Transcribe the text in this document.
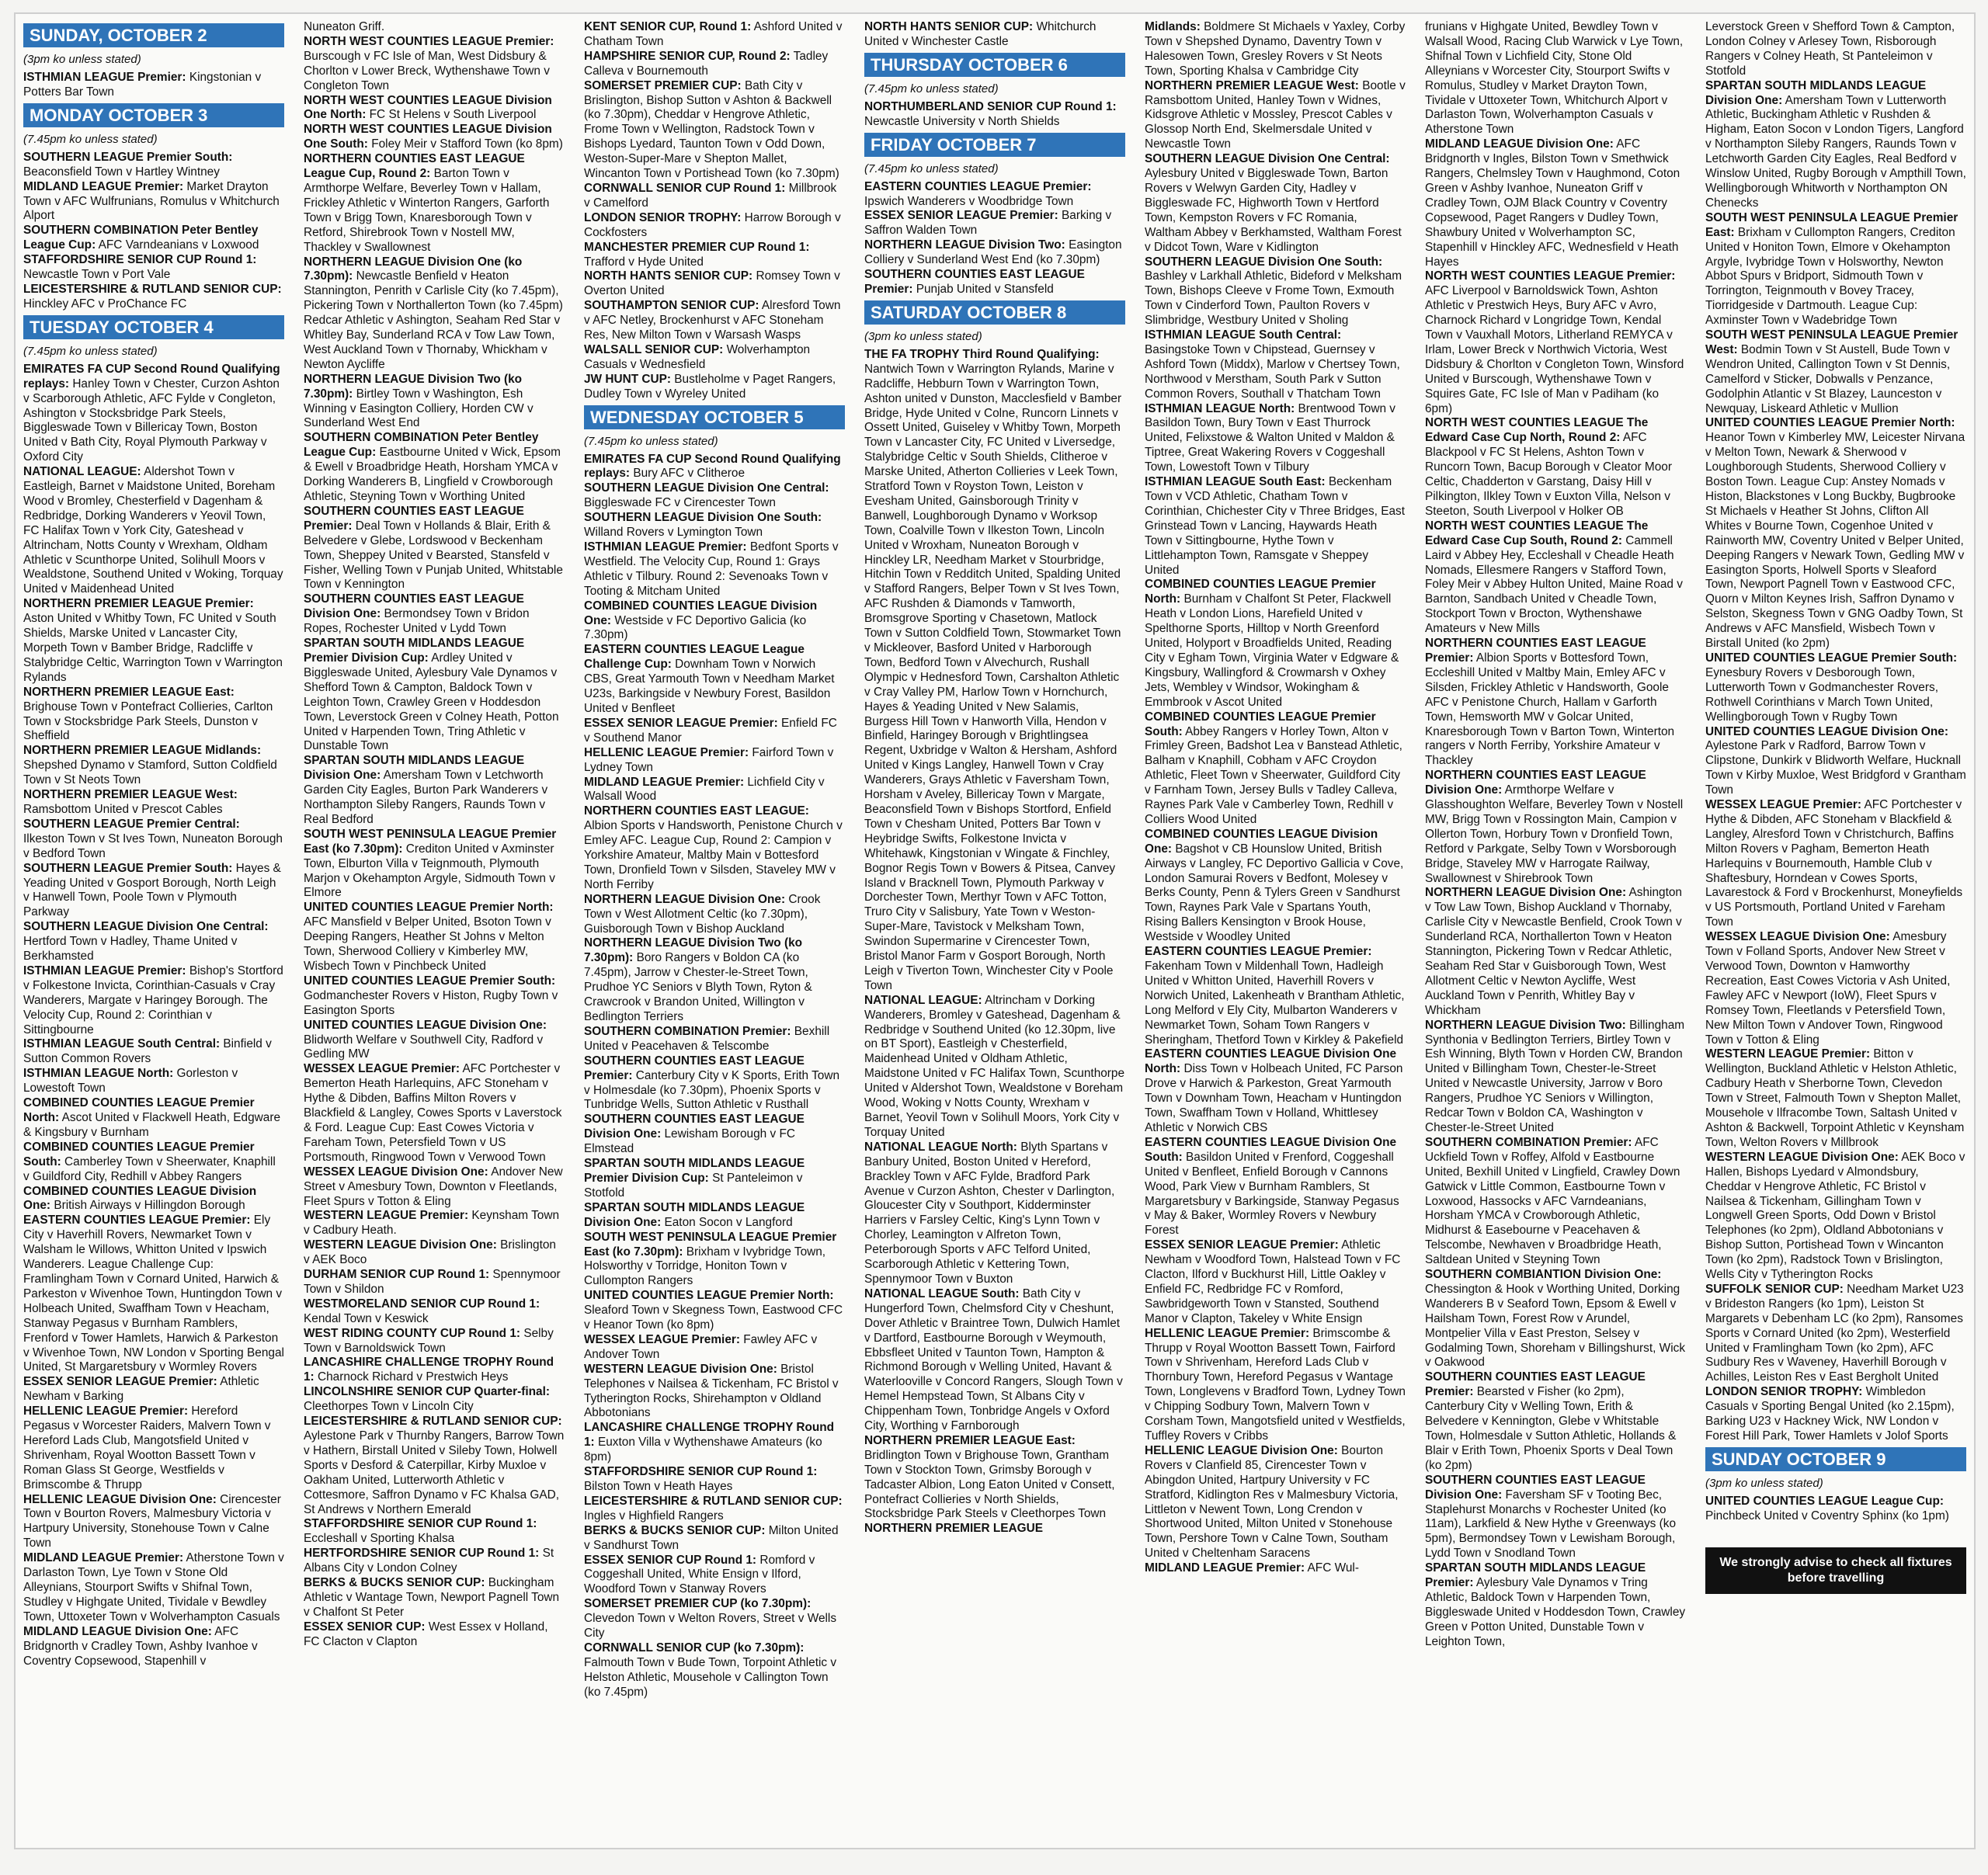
SUNDAY, OCTOBER 2
(3pm ko unless stated)
ISTHMIAN LEAGUE Premier: Kingstonian v Potters Bar Town
MONDAY OCTOBER 3
(7.45pm ko unless stated)
SOUTHERN LEAGUE Premier South: Beaconsfield Town v Hartley Wintney
MIDLAND LEAGUE Premier: Market Drayton Town v AFC Wulfrunians, Romulus v Whitchurch Alport
SOUTHERN COMBINATION Peter Bentley League Cup: AFC Varndeanians v Loxwood
STAFFORDSHIRE SENIOR CUP Round 1: Newcastle Town v Port Vale
LEICESTERSHIRE & RUTLAND SENIOR CUP: Hinckley AFC v ProChance FC
TUESDAY OCTOBER 4
(7.45pm ko unless stated)
EMIRATES FA CUP Second Round Qualifying replays: Hanley Town v Chester, Curzon Ashton v Scarborough Athletic, AFC Fylde v Congleton, Ashington v Stocksbridge Park Steels, Biggleswade Town v Billericay Town, Boston United v Bath City, Royal Plymouth Parkway v Oxford City
NATIONAL LEAGUE: Aldershot Town v Eastleigh, Barnet v Maidstone United, Boreham Wood v Bromley, Chesterfield v Dagenham & Redbridge, Dorking Wanderers v Yeovil Town, FC Halifax Town v York City, Gateshead v Altrincham, Notts County v Wrexham, Oldham Athletic v Scunthorpe United, Solihull Moors v Wealdstone, Southend United v Woking, Torquay United v Maidenhead United
NORTHERN PREMIER LEAGUE Premier: Aston United v Whitby Town, FC United v South Shields, Marske United v Lancaster City, Morpeth Town v Bamber Bridge, Radcliffe v Stalybridge Celtic, Warrington Town v Warrington Rylands
NORTHERN PREMIER LEAGUE East: Brighouse Town v Pontefract Collieries, Carlton Town v Stocksbridge Park Steels, Dunston v Sheffield
NORTHERN PREMIER LEAGUE Midlands: Shepshed Dynamo v Stamford, Sutton Coldfield Town v St Neots Town
NORTHERN PREMIER LEAGUE West: Ramsbottom United v Prescot Cables
SOUTHERN LEAGUE Premier Central: Ilkeston Town v St Ives Town, Nuneaton Borough v Bedford Town
SOUTHERN LEAGUE Premier South: Hayes & Yeading United v Gosport Borough, North Leigh v Hanwell Town, Poole Town v Plymouth Parkway
SOUTHERN LEAGUE Division One Central: Hertford Town v Hadley, Thame United v Berkhamsted
ISTHMIAN LEAGUE Premier: Bishop's Stortford v Folkestone Invicta, Corinthian-Casuals v Cray Wanderers, Margate v Haringey Borough. The Velocity Cup, Round 2: Corinthian v Sittingbourne
ISTHMIAN LEAGUE South Central: Binfield v Sutton Common Rovers
ISTHMIAN LEAGUE North: Gorleston v Lowestoft Town
COMBINED COUNTIES LEAGUE Premier North: Ascot United v Flackwell Heath, Edgware & Kingsbury v Burnham
COMBINED COUNTIES LEAGUE Premier South: Camberley Town v Sheerwater, Knaphill v Guildford City, Redhill v Abbey Rangers
COMBINED COUNTIES LEAGUE Division One: British Airways v Hillingdon Borough
EASTERN COUNTIES LEAGUE Premier: Ely City v Haverhill Rovers, Newmarket Town v Walsham le Willows, Whitton United v Ipswich Wanderers. League Challenge Cup: Framlingham Town v Cornard United, Harwich & Parkeston v Wivenhoe Town, Huntingdon Town v Holbeach United, Swaffham Town v Heacham, Stanway Pegasus v Burnham Ramblers, Frenford v Tower Hamlets, Harwich & Parkeston v Wivenhoe Town, NW London v Sporting Bengal United, St Margaretsbury v Wormley Rovers
ESSEX SENIOR LEAGUE Premier: Athletic Newham v Barking
HELLENIC LEAGUE Premier: Hereford Pegasus v Worcester Raiders, Malvern Town v Hereford Lads Club, Mangotsfield United v Shrivenham, Royal Wootton Bassett Town v Roman Glass St George, Westfields v Brimscombe & Thrupp
HELLENIC LEAGUE Division One: Cirencester Town v Bourton Rovers, Malmesbury Victoria v Hartpury University, Stonehouse Town v Calne Town
MIDLAND LEAGUE Premier: Atherstone Town v Darlaston Town, Lye Town v Stone Old Alleynians, Stourport Swifts v Shifnal Town, Studley v Highgate United, Tividale v Bewdley Town, Uttoxeter Town v Wolverhampton Casuals
MIDLAND LEAGUE Division One: AFC Bridgnorth v Cradley Town, Ashby Ivanhoe v Coventry Copsewood, Stapenhill v
Nuneaton Griff.
NORTH WEST COUNTIES LEAGUE Premier: Burscough v FC Isle of Man, West Didsbury & Chorlton v Lower Breck, Wythenshawe Town v Congleton Town
NORTH WEST COUNTIES LEAGUE Division One North: FC St Helens v South Liverpool
NORTH WEST COUNTIES LEAGUE Division One South: Foley Meir v Stafford Town (ko 8pm)
NORTHERN COUNTIES EAST LEAGUE League Cup, Round 2: Barton Town v Armthorpe Welfare, Beverley Town v Hallam, Frickley Athletic v Winterton Rangers, Garforth Town v Brigg Town, Knaresborough Town v Retford, Shirebrook Town v Nostell MW, Thackley v Swallownest
NORTHERN LEAGUE Division One (ko 7.30pm): Newcastle Benfield v Heaton Stannington, Penrith v Carlisle City (ko 7.45pm), Pickering Town v Northallerton Town (ko 7.45pm) Redcar Athletic v Ashington, Seaham Red Star v Whitley Bay, Sunderland RCA v Tow Law Town, West Auckland Town v Thornaby, Whickham v Newton Aycliffe
NORTHERN LEAGUE Division Two (ko 7.30pm): Birtley Town v Washington, Esh Winning v Easington Colliery, Horden CW v Sunderland West End
SOUTHERN COMBINATION Peter Bentley League Cup: Eastbourne United v Wick, Epsom & Ewell v Broadbridge Heath, Horsham YMCA v Dorking Wanderers B, Lingfield v Crowborough Athletic, Steyning Town v Worthing United
SOUTHERN COUNTIES EAST LEAGUE Premier: Deal Town v Hollands & Blair, Erith & Belvedere v Glebe, Lordswood v Beckenham Town, Sheppey United v Bearsted, Stansfeld v Fisher, Welling Town v Punjab United, Whitstable Town v Kennington
SOUTHERN COUNTIES EAST LEAGUE Division One: Bermondsey Town v Bridon Ropes, Rochester United v Lydd Town
SPARTAN SOUTH MIDLANDS LEAGUE Premier Division Cup: Ardley United v Biggleswade United, Aylesbury Vale Dynamos v Shefford Town & Campton, Baldock Town v Leighton Town, Crawley Green v Hoddesdon Town, Leverstock Green v Colney Heath, Potton United v Harpenden Town, Tring Athletic v Dunstable Town
SPARTAN SOUTH MIDLANDS LEAGUE Division One: Amersham Town v Letchworth Garden City Eagles, Burton Park Wanderers v Northampton Sileby Rangers, Raunds Town v Real Bedford
SOUTH WEST PENINSULA LEAGUE Premier East (ko 7.30pm): Crediton United v Axminster Town, Elburton Villa v Teignmouth, Plymouth Marjon v Okehampton Argyle, Sidmouth Town v Elmore
UNITED COUNTIES LEAGUE Premier North: AFC Mansfield v Belper United, Bsoton Town v Deeping Rangers, Heather St Johns v Melton Town, Sherwood Colliery v Kimberley MW, Wisbech Town v Pinchbeck United
UNITED COUNTIES LEAGUE Premier South: Godmanchester Rovers v Histon, Rugby Town v Easington Sports
UNITED COUNTIES LEAGUE Division One: Blidworth Welfare v Southwell City, Radford v Gedling MW
WESSEX LEAGUE Premier: AFC Portchester v Bemerton Heath Harlequins, AFC Stoneham v Hythe & Dibden, Baffins Milton Rovers v Blackfield & Langley, Cowes Sports v Laverstock & Ford. League Cup: East Cowes Victoria v Fareham Town, Petersfield Town v US Portsmouth, Ringwood Town v Verwood Town
WESSEX LEAGUE Division One: Andover New Street v Amesbury Town, Downton v Fleetlands, Fleet Spurs v Totton & Eling
WESTERN LEAGUE Premier: Keynsham Town v Cadbury Heath.
WESTERN LEAGUE Division One: Brislington v AEK Boco
DURHAM SENIOR CUP Round 1: Spennymoor Town v Shildon
WESTMORELAND SENIOR CUP Round 1: Kendal Town v Keswick
WEST RIDING COUNTY CUP Round 1: Selby Town v Barnoldswick Town
LANCASHIRE CHALLENGE TROPHY Round 1: Charnock Richard v Prestwich Heys
LINCOLNSHIRE SENIOR CUP Quarter-final: Cleethorpes Town v Lincoln City
LEICESTERSHIRE & RUTLAND SENIOR CUP: Aylestone Park v Thurnby Rangers, Barrow Town v Hathern, Birstall United v Sileby Town, Holwell Sports v Desford & Caterpillar, Kirby Muxloe v Oakham United, Lutterworth Athletic v Cottesmore, Saffron Dynamo v FC Khalsa GAD, St Andrews v Northern Emerald
STAFFORDSHIRE SENIOR CUP Round 1: Eccleshall v Sporting Khalsa
HERTFORDSHIRE SENIOR CUP Round 1: St Albans City v London Colney
BERKS & BUCKS SENIOR CUP: Buckingham Athletic v Wantage Town, Newport Pagnell Town v Chalfont St Peter
ESSEX SENIOR CUP: West Essex v Holland, FC Clacton v Clapton
KENT SENIOR CUP, Round 1: Ashford United v Chatham Town
HAMPSHIRE SENIOR CUP, Round 2: Tadley Calleva v Bournemouth
SOMERSET PREMIER CUP: Bath City v Brislington, Bishop Sutton v Ashton & Backwell (ko 7.30pm), Cheddar v Hengrove Athletic, Frome Town v Wellington, Radstock Town v Bishops Lyedard, Taunton Town v Odd Down, Weston-Super-Mare v Shepton Mallet, Wincanton Town v Portishead Town (ko 7.30pm)
CORNWALL SENIOR CUP Round 1: Millbrook v Camelford
LONDON SENIOR TROPHY: Harrow Borough v Cockfosters
MANCHESTER PREMIER CUP Round 1: Trafford v Hyde United
NORTH HANTS SENIOR CUP: Romsey Town v Overton United
SOUTHAMPTON SENIOR CUP: Alresford Town v AFC Netley, Brockenhurst v AFC Stoneham Res, New Milton Town v Warsash Wasps
WALSALL SENIOR CUP: Wolverhampton Casuals v Wednesfield
JW HUNT CUP: Bustleholme v Paget Rangers, Dudley Town v Wyreley United
WEDNESDAY OCTOBER 5
(7.45pm ko unless stated)
EMIRATES FA CUP Second Round Qualifying replays: Bury AFC v Clitheroe
SOUTHERN LEAGUE Division One Central: Biggleswade FC v Cirencester Town
SOUTHERN LEAGUE Division One South: Willand Rovers v Lymington Town
ISTHMIAN LEAGUE Premier: Bedfont Sports v Westfield. The Velocity Cup, Round 1: Grays Athletic v Tilbury. Round 2: Sevenoaks Town v Tooting & Mitcham United
COMBINED COUNTIES LEAGUE Division One: Westside v FC Deportivo Galicia (ko 7.30pm)
EASTERN COUNTIES LEAGUE League Challenge Cup: Downham Town v Norwich CBS, Great Yarmouth Town v Needham Market U23s, Barkingside v Newbury Forest, Basildon United v Benfleet
ESSEX SENIOR LEAGUE Premier: Enfield FC v Southend Manor
HELLENIC LEAGUE Premier: Fairford Town v Lydney Town
MIDLAND LEAGUE Premier: Lichfield City v Walsall Wood
NORTHERN COUNTIES EAST LEAGUE: Albion Sports v Handsworth, Penistone Church v Emley AFC. League Cup, Round 2: Campion v Yorkshire Amateur, Maltby Main v Bottesford Town, Dronfield Town v Silsden, Staveley MW v North Ferriby
NORTHERN LEAGUE Division One: Crook Town v West Allotment Celtic (ko 7.30pm), Guisborough Town v Bishop Auckland
NORTHERN LEAGUE Division Two (ko 7.30pm): Boro Rangers v Boldon CA (ko 7.45pm), Jarrow v Chester-le-Street Town, Prudhoe YC Seniors v Blyth Town, Ryton & Crawcrook v Brandon United, Willington v Bedlington Terriers
SOUTHERN COMBINATION Premier: Bexhill United v Peacehaven & Telscombe
SOUTHERN COUNTIES EAST LEAGUE Premier: Canterbury City v K Sports, Erith Town v Holmesdale (ko 7.30pm), Phoenix Sports v Tunbridge Wells, Sutton Athletic v Rusthall
SOUTHERN COUNTIES EAST LEAGUE Division One: Lewisham Borough v FC Elmstead
SPARTAN SOUTH MIDLANDS LEAGUE Premier Division Cup: St Panteleimon v Stotfold
SPARTAN SOUTH MIDLANDS LEAGUE Division One: Eaton Socon v Langford
SOUTH WEST PENINSULA LEAGUE Premier East (ko 7.30pm): Brixham v Ivybridge Town, Holsworthy v Torridge, Honiton Town v Cullompton Rangers
UNITED COUNTIES LEAGUE Premier North: Sleaford Town v Skegness Town, Eastwood CFC v Heanor Town (ko 8pm)
WESSEX LEAGUE Premier: Fawley AFC v Andover Town
WESTERN LEAGUE Division One: Bristol Telephones v Nailsea & Tickenham, FC Bristol v Tytherington Rocks, Shirehampton v Oldland Abbotonians
LANCASHIRE CHALLENGE TROPHY Round 1: Euxton Villa v Wythenshawe Amateurs (ko 8pm)
STAFFORDSHIRE SENIOR CUP Round 1: Bilston Town v Heath Hayes
LEICESTERSHIRE & RUTLAND SENIOR CUP: Ingles v Highfield Rangers
BERKS & BUCKS SENIOR CUP: Milton United v Sandhurst Town
ESSEX SENIOR CUP Round 1: Romford v Coggeshall United, White Ensign v Ilford, Woodford Town v Stanway Rovers
SOMERSET PREMIER CUP (ko 7.30pm): Clevedon Town v Welton Rovers, Street v Wells City
CORNWALL SENIOR CUP (ko 7.30pm): Falmouth Town v Bude Town, Torpoint Athletic v Helston Athletic, Mousehole v Callington Town (ko 7.45pm)
NORTH HANTS SENIOR CUP: Whitchurch United v Winchester Castle
THURSDAY OCTOBER 6
(7.45pm ko unless stated)
NORTHUMBERLAND SENIOR CUP Round 1: Newcastle University v North Shields
FRIDAY OCTOBER 7
(7.45pm ko unless stated)
EASTERN COUNTIES LEAGUE Premier: Ipswich Wanderers v Woodbridge Town
ESSEX SENIOR LEAGUE Premier: Barking v Saffron Walden Town
NORTHERN LEAGUE Division Two: Easington Colliery v Sunderland West End (ko 7.30pm)
SOUTHERN COUNTIES EAST LEAGUE Premier: Punjab United v Stansfeld
SATURDAY OCTOBER 8
(3pm ko unless stated)
THE FA TROPHY Third Round Qualifying: Nantwich Town v Warrington Rylands, Marine v Radcliffe, Hebburn Town v Warrington Town, Ashton united v Dunston, Macclesfield v Bamber Bridge, Hyde United v Colne, Runcorn Linnets v Ossett United, Guiseley v Whitby Town, Morpeth Town v Lancaster City, FC United v Liversedge, Stalybridge Celtic v South Shields, Clitheroe v Marske United, Atherton Collieries v Leek Town, Stratford Town v Royston Town, Leiston v Evesham United, Gainsborough Trinity v Banwell, Loughborough Dynamo v Worksop Town, Coalville Town v Ilkeston Town, Lincoln United v Wroxham, Nuneaton Borough v Hinckley LR, Needham Market v Stourbridge, Hitchin Town v Redditch United, Spalding United v Stafford Rangers, Belper Town v St Ives Town, AFC Rushden & Diamonds v Tamworth, Bromsgrove Sporting v Chasetown, Matlock Town v Sutton Coldfield Town, Stowmarket Town v Mickleover, Basford United v Harborough Town, Bedford Town v Alvechurch, Rushall Olympic v Hednesford Town, Carshalton Athletic v Cray Valley PM, Harlow Town v Hornchurch, Hayes & Yeading United v New Salamis, Burgess Hill Town v Hanworth Villa, Hendon v Binfield, Haringey Borough v Brightlingsea Regent, Uxbridge v Walton & Hersham, Ashford United v Kings Langley, Hanwell Town v Cray Wanderers, Grays Athletic v Faversham Town, Horsham v Aveley, Billericay Town v Margate, Beaconsfield Town v Bishops Stortford, Enfield Town v Chesham United, Potters Bar Town v Heybridge Swifts, Folkestone Invicta v Whitehawk, Kingstonian v Wingate & Finchley, Bognor Regis Town v Bowers & Pitsea, Canvey Island v Bracknell Town, Plymouth Parkway v Dorchester Town, Merthyr Town v AFC Totton, Truro City v Salisbury, Yate Town v Weston-Super-Mare, Tavistock v Melksham Town, Swindon Supermarine v Cirencester Town, Bristol Manor Farm v Gosport Borough, North Leigh v Tiverton Town, Winchester City v Poole Town
NATIONAL LEAGUE: Altrincham v Dorking Wanderers, Bromley v Gateshead, Dagenham & Redbridge v Southend United (ko 12.30pm, live on BT Sport), Eastleigh v Chesterfield, Maidenhead United v Oldham Athletic, Maidstone United v FC Halifax Town, Scunthorpe United v Aldershot Town, Wealdstone v Boreham Wood, Woking v Notts County, Wrexham v Barnet, Yeovil Town v Solihull Moors, York City v Torquay United
NATIONAL LEAGUE North: Blyth Spartans v Banbury United, Boston United v Hereford, Brackley Town v AFC Fylde, Bradford Park Avenue v Curzon Ashton, Chester v Darlington, Gloucester City v Southport, Kidderminster Harriers v Farsley Celtic, King's Lynn Town v Chorley, Leamington v Alfreton Town, Peterborough Sports v AFC Telford United, Scarborough Athletic v Kettering Town, Spennymoor Town v Buxton
NATIONAL LEAGUE South: Bath City v Hungerford Town, Chelmsford City v Cheshunt, Dover Athletic v Braintree Town, Dulwich Hamlet v Dartford, Eastbourne Borough v Weymouth, Ebbsfleet United v Taunton Town, Hampton & Richmond Borough v Welling United, Havant & Waterlooville v Concord Rangers, Slough Town v Hemel Hempstead Town, St Albans City v Chippenham Town, Tonbridge Angels v Oxford City, Worthing v Farnborough
NORTHERN PREMIER LEAGUE East: Bridlington Town v Brighouse Town, Grantham Town v Stockton Town, Grimsby Borough v Tadcaster Albion, Long Eaton United v Consett, Pontefract Collieries v North Shields, Stocksbridge Park Steels v Cleethorpes Town
NORTHERN PREMIER LEAGUE
Midlands: Boldmere St Michaels v Yaxley, Corby Town v Shepshed Dynamo, Daventry Town v Halesowen Town, Gresley Rovers v St Neots Town, Sporting Khalsa v Cambridge City
NORTHERN PREMIER LEAGUE West: Bootle v Ramsbottom United, Hanley Town v Widnes, Kidsgrove Athletic v Mossley, Prescot Cables v Glossop North End, Skelmersdale United v Newcastle Town
SOUTHERN LEAGUE Division One Central: Aylesbury United v Biggleswade Town, Barton Rovers v Welwyn Garden City, Hadley v Biggleswade FC, Highworth Town v Hertford Town, Kempston Rovers v FC Romania, Waltham Abbey v Berkhamsted, Waltham Forest v Didcot Town, Ware v Kidlington
SOUTHERN LEAGUE Division One South: Bashley v Larkhall Athletic, Bideford v Melksham Town, Bishops Cleeve v Frome Town, Exmouth Town v Cinderford Town, Paulton Rovers v Slimbridge, Westbury United v Sholing
ISTHMIAN LEAGUE South Central: Basingstoke Town v Chipstead, Guernsey v Ashford Town (Middx), Marlow v Chertsey Town, Northwood v Merstham, South Park v Sutton Common Rovers, Southall v Thatcham Town
ISTHMIAN LEAGUE North: Brentwood Town v Basildon Town, Bury Town v East Thurrock United, Felixstowe & Walton United v Maldon & Tiptree, Great Wakering Rovers v Coggeshall Town, Lowestoft Town v Tilbury
ISTHMIAN LEAGUE South East: Beckenham Town v VCD Athletic, Chatham Town v Corinthian, Chichester City v Three Bridges, East Grinstead Town v Lancing, Haywards Heath Town v Sittingbourne, Hythe Town v Littlehampton Town, Ramsgate v Sheppey United
COMBINED COUNTIES LEAGUE Premier North: Burnham v Chalfont St Peter, Flackwell Heath v London Lions, Harefield United v Spelthorne Sports, Hilltop v North Greenford United, Holyport v Broadfields United, Reading City v Egham Town, Virginia Water v Edgware & Kingsbury, Wallingford & Crowmarsh v Oxhey Jets, Wembley v Windsor, Wokingham & Emmbrook v Ascot United
COMBINED COUNTIES LEAGUE Premier South: Abbey Rangers v Horley Town, Alton v Frimley Green, Badshot Lea v Banstead Athletic, Balham v Knaphill, Cobham v AFC Croydon Athletic, Fleet Town v Sheerwater, Guildford City v Farnham Town, Jersey Bulls v Tadley Calleva, Raynes Park Vale v Camberley Town, Redhill v Colliers Wood United
COMBINED COUNTIES LEAGUE Division One: Bagshot v CB Hounslow United, British Airways v Langley, FC Deportivo Gallicia v Cove, London Samurai Rovers v Bedfont, Molesey v Berks County, Penn & Tylers Green v Sandhurst Town, Raynes Park Vale v Spartans Youth, Rising Ballers Kensington v Brook House, Westside v Woodley United
EASTERN COUNTIES LEAGUE Premier: Fakenham Town v Mildenhall Town, Hadleigh United v Whitton United, Haverhill Rovers v Norwich United, Lakenheath v Brantham Athletic, Long Melford v Ely City, Mulbarton Wanderers v Newmarket Town, Soham Town Rangers v Sheringham, Thetford Town v Kirkley & Pakefield
EASTERN COUNTIES LEAGUE Division One North: Diss Town v Holbeach United, FC Parson Drove v Harwich & Parkeston, Great Yarmouth Town v Downham Town, Heacham v Huntingdon Town, Swaffham Town v Holland, Whittlesey Athletic v Norwich CBS
EASTERN COUNTIES LEAGUE Division One South: Basildon United v Frenford, Coggeshall United v Benfleet, Enfield Borough v Cannons Wood, Park View v Burnham Ramblers, St Margaretsbury v Barkingside, Stanway Pegasus v May & Baker, Wormley Rovers v Newbury Forest
ESSEX SENIOR LEAGUE Premier: Athletic Newham v Woodford Town, Halstead Town v FC Clacton, Ilford v Buckhurst Hill, Little Oakley v Enfield FC, Redbridge FC v Romford, Sawbridgeworth Town v Stansted, Southend Manor v Clapton, Takeley v White Ensign
HELLENIC LEAGUE Premier: Brimscombe & Thrupp v Royal Wootton Bassett Town, Fairford Town v Shrivenham, Hereford Lads Club v Thornbury Town, Hereford Pegasus v Wantage Town, Longlevens v Bradford Town, Lydney Town v Chipping Sodbury Town, Malvern Town v Corsham Town, Mangotsfield united v Westfields, Tuffley Rovers v Cribbs
HELLENIC LEAGUE Division One: Bourton Rovers v Clanfield 85, Cirencester Town v Abingdon United, Hartpury University v FC Stratford, Kidlington Res v Malmesbury Victoria, Littleton v Newent Town, Long Crendon v Shortwood United, Milton United v Stonehouse Town, Pershore Town v Calne Town, Southam United v Cheltenham Saracens
MIDLAND LEAGUE Premier: AFC Wul-
frunians v Highgate United, Bewdley Town v Walsall Wood, Racing Club Warwick v Lye Town, Shifnal Town v Lichfield City, Stone Old Alleynians v Worcester City, Stourport Swifts v Romulus, Studley v Market Drayton Town, Tividale v Uttoxeter Town, Whitchurch Alport v Darlaston Town, Wolverhampton Casuals v Atherstone Town
MIDLAND LEAGUE Division One: AFC Bridgnorth v Ingles, Bilston Town v Smethwick Rangers, Chelmsley Town v Haughmond, Coton Green v Ashby Ivanhoe, Nuneaton Griff v Cradley Town, OJM Black Country v Coventry Copsewood, Paget Rangers v Dudley Town, Shawbury United v Wolverhampton SC, Stapenhill v Hinckley AFC, Wednesfield v Heath Hayes
NORTH WEST COUNTIES LEAGUE Premier: AFC Liverpool v Barnoldswick Town, Ashton Athletic v Prestwich Heys, Bury AFC v Avro, Charnock Richard v Longridge Town, Kendal Town v Vauxhall Motors, Litherland REMYCA v Irlam, Lower Breck v Northwich Victoria, West Didsbury & Chorlton v Congleton Town, Winsford United v Burscough, Wythenshawe Town v Squires Gate, FC Isle of Man v Padiham (ko 6pm)
NORTH WEST COUNTIES LEAGUE The Edward Case Cup North, Round 2: AFC Blackpool v FC St Helens, Ashton Town v Runcorn Town, Bacup Borough v Cleator Moor Celtic, Chadderton v Garstang, Daisy Hill v Pilkington, Ilkley Town v Euxton Villa, Nelson v Steeton, South Liverpool v Holker OB
NORTH WEST COUNTIES LEAGUE The Edward Case Cup South, Round 2: Cammell Laird v Abbey Hey, Eccleshall v Cheadle Heath Nomads, Ellesmere Rangers v Stafford Town, Foley Meir v Abbey Hulton United, Maine Road v Barnton, Sandbach United v Cheadle Town, Stockport Town v Brocton, Wythenshawe Amateurs v New Mills
NORTHERN COUNTIES EAST LEAGUE Premier: Albion Sports v Bottesford Town, Eccleshill United v Maltby Main, Emley AFC v Silsden, Frickley Athletic v Handsworth, Goole AFC v Penistone Church, Hallam v Garforth Town, Hemsworth MW v Golcar United, Knaresborough Town v Barton Town, Winterton rangers v North Ferriby, Yorkshire Amateur v Thackley
NORTHERN COUNTIES EAST LEAGUE Division One: Armthorpe Welfare v Glasshoughton Welfare, Beverley Town v Nostell MW, Brigg Town v Rossington Main, Campion v Ollerton Town, Horbury Town v Dronfield Town, Retford v Parkgate, Selby Town v Worsborough Bridge, Staveley MW v Harrogate Railway, Swallownest v Shirebrook Town
NORTHERN LEAGUE Division One: Ashington v Tow Law Town, Bishop Auckland v Thornaby, Carlisle City v Newcastle Benfield, Crook Town v Sunderland RCA, Northallerton Town v Heaton Stannington, Pickering Town v Redcar Athletic, Seaham Red Star v Guisborough Town, West Allotment Celtic v Newton Aycliffe, West Auckland Town v Penrith, Whitley Bay v Whickham
NORTHERN LEAGUE Division Two: Billingham Synthonia v Bedlington Terriers, Birtley Town v Esh Winning, Blyth Town v Horden CW, Brandon United v Billingham Town, Chester-le-Street United v Newcastle University, Jarrow v Boro Rangers, Prudhoe YC Seniors v Willington, Redcar Town v Boldon CA, Washington v Chester-le-Street United
SOUTHERN COMBINATION Premier: AFC Uckfield Town v Roffey, Alfold v Eastbourne United, Bexhill United v Lingfield, Crawley Down Gatwick v Little Common, Eastbourne Town v Loxwood, Hassocks v AFC Varndeanians, Horsham YMCA v Crowborough Athletic, Midhurst & Easebourne v Peacehaven & Telscombe, Newhaven v Broadbridge Heath, Saltdean United v Steyning Town
SOUTHERN COMBIANTION Division One: Chessington & Hook v Worthing United, Dorking Wanderers B v Seaford Town, Epsom & Ewell v Hailsham Town, Forest Row v Arundel, Montpelier Villa v East Preston, Selsey v Godalming Town, Shoreham v Billingshurst, Wick v Oakwood
SOUTHERN COUNTIES EAST LEAGUE Premier: Bearsted v Fisher (ko 2pm), Canterbury City v Welling Town, Erith & Belvedere v Kennington, Glebe v Whitstable Town, Holmesdale v Sutton Athletic, Hollands & Blair v Erith Town, Phoenix Sports v Deal Town (ko 2pm)
SOUTHERN COUNTIES EAST LEAGUE Division One: Faversham SF v Tooting Bec, Staplehurst Monarchs v Rochester United (ko 11am), Larkfield & New Hythe v Greenways (ko 5pm), Bermondsey Town v Lewisham Borough, Lydd Town v Snodland Town
SPARTAN SOUTH MIDLANDS LEAGUE Premier: Aylesbury Vale Dynamos v Tring Athletic, Baldock Town v Harpenden Town, Biggleswade United v Hoddesdon Town, Crawley Green v Potton United, Dunstable Town v Leighton Town,
Leverstock Green v Shefford Town & Campton, London Colney v Arlesey Town, Risborough Rangers v Colney Heath, St Panteleimon v Stotfold
SPARTAN SOUTH MIDLANDS LEAGUE Division One: Amersham Town v Lutterworth Athletic, Buckingham Athletic v Rushden & Higham, Eaton Socon v London Tigers, Langford v Northampton Sileby Rangers, Raunds Town v Letchworth Garden City Eagles, Real Bedford v Winslow United, Rugby Borough v Ampthill Town, Wellingborough Whitworth v Northampton ON Chenecks
SOUTH WEST PENINSULA LEAGUE Premier East: Brixham v Cullompton Rangers, Crediton United v Honiton Town, Elmore v Okehampton Argyle, Ivybridge Town v Holsworthy, Newton Abbot Spurs v Bridport, Sidmouth Town v Torrington, Teignmouth v Bovey Tracey, Tiorridgeside v Dartmouth. League Cup: Axminster Town v Wadebridge Town
SOUTH WEST PENINSULA LEAGUE Premier West: Bodmin Town v St Austell, Bude Town v Wendron United, Callington Town v St Dennis, Camelford v Sticker, Dobwalls v Penzance, Godolphin Atlantic v St Blazey, Launceston v Newquay, Liskeard Athletic v Mullion
UNITED COUNTIES LEAGUE Premier North: Heanor Town v Kimberley MW, Leicester Nirvana v Melton Town, Newark & Sherwood v Loughborough Students, Sherwood Colliery v Boston Town. League Cup: Anstey Nomads v Histon, Blackstones v Long Buckby, Bugbrooke St Michaels v Heather St Johns, Clifton All Whites v Bourne Town, Cogenhoe United v Rainworth MW, Coventry United v Belper United, Deeping Rangers v Newark Town, Gedling MW v Easington Sports, Holwell Sports v Sleaford Town, Newport Pagnell Town v Eastwood CFC, Quorn v Milton Keynes Irish, Saffron Dynamo v Selston, Skegness Town v GNG Oadby Town, St Andrews v AFC Mansfield, Wisbech Town v Birstall United (ko 2pm)
UNITED COUNTIES LEAGUE Premier South: Eynesbury Rovers v Desborough Town, Lutterworth Town v Godmanchester Rovers, Rothwell Corinthians v March Town United, Wellingborough Town v Rugby Town
UNITED COUNTIES LEAGUE Division One: Aylestone Park v Radford, Barrow Town v Clipstone, Dunkirk v Blidworth Welfare, Hucknall Town v Kirby Muxloe, West Bridgford v Grantham Town
WESSEX LEAGUE Premier: AFC Portchester v Hythe & Dibden, AFC Stoneham v Blackfield & Langley, Alresford Town v Christchurch, Baffins Milton Rovers v Pagham, Bemerton Heath Harlequins v Bournemouth, Hamble Club v Shaftesbury, Horndean v Cowes Sports, Lavarestock & Ford v Brockenhurst, Moneyfields v US Portsmouth, Portland United v Fareham Town
WESSEX LEAGUE Division One: Amesbury Town v Folland Sports, Andover New Street v Verwood Town, Downton v Hamworthy Recreation, East Cowes Victoria v Ash United, Fawley AFC v Newport (IoW), Fleet Spurs v Romsey Town, Fleetlands v Petersfield Town, New Milton Town v Andover Town, Ringwood Town v Totton & Eling
WESTERN LEAGUE Premier: Bitton v Wellington, Buckland Athletic v Helston Athletic, Cadbury Heath v Sherborne Town, Clevedon Town v Street, Falmouth Town v Shepton Mallet, Mousehole v Ilfracombe Town, Saltash United v Ashton & Backwell, Torpoint Athletic v Keynsham Town, Welton Rovers v Millbrook
WESTERN LEAGUE Division One: AEK Boco v Hallen, Bishops Lyedard v Almondsbury, Cheddar v Hengrove Athletic, FC Bristol v Nailsea & Tickenham, Gillingham Town v Longwell Green Sports, Odd Down v Bristol Telephones (ko 2pm), Oldland Abbotonians v Bishop Sutton, Portishead Town v Wincanton Town (ko 2pm), Radstock Town v Brislington, Wells City v Tytherington Rocks
SUFFOLK SENIOR CUP: Needham Market U23 v Brideston Rangers (ko 1pm), Leiston St Margarets v Debenham LC (ko 2pm), Ransomes Sports v Cornard United (ko 2pm), Westerfield United v Framlingham Town (ko 2pm), AFC Sudbury Res v Waveney, Haverhill Borough v Achilles, Leiston Res v East Bergholt United
LONDON SENIOR TROPHY: Wimbledon Casuals v Sporting Bengal United (ko 2.15pm), Barking U23 v Hackney Wick, NW London v Forest Hill Park, Tower Hamlets v Jolof Sports
SUNDAY OCTOBER 9
(3pm ko unless stated)
UNITED COUNTIES LEAGUE League Cup: Pinchbeck United v Coventry Sphinx (ko 1pm)
We strongly advise to check all fixtures before travelling
